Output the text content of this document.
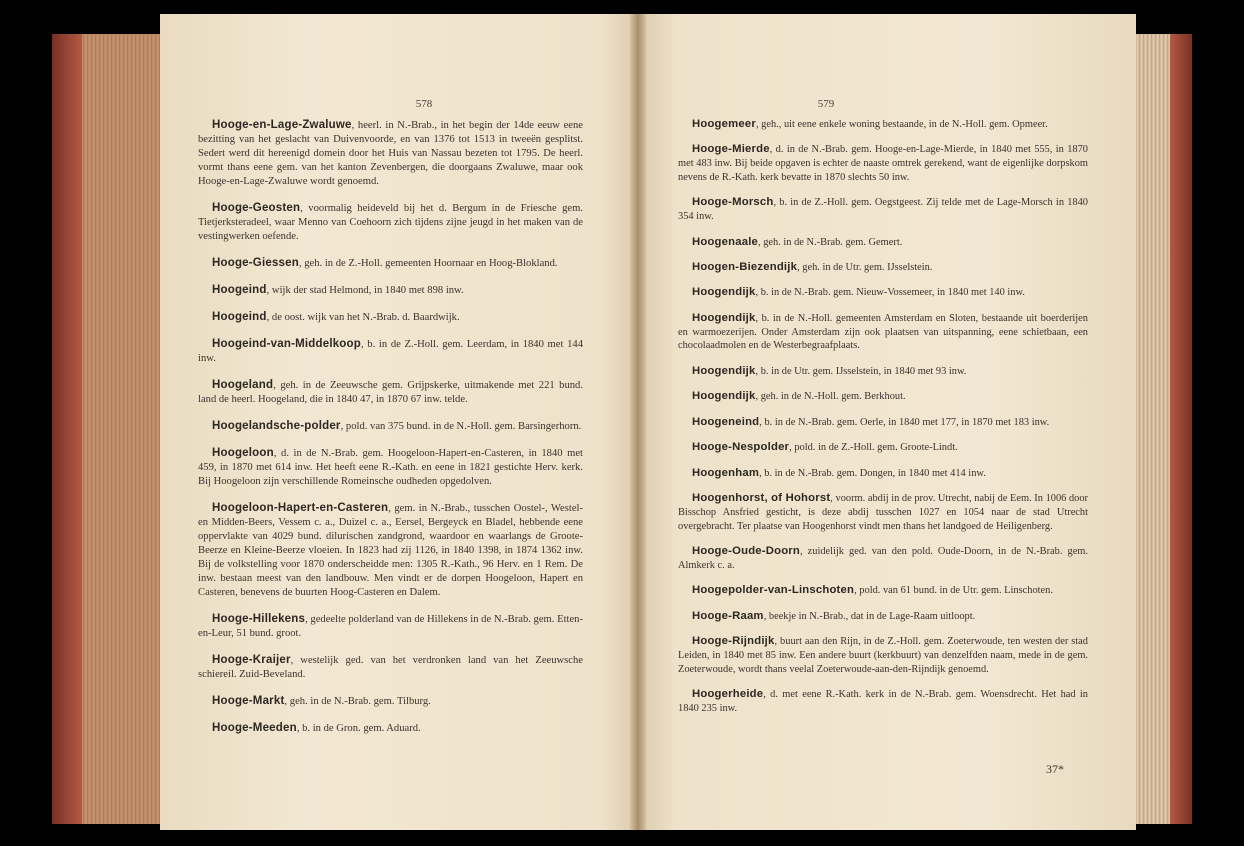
578	579

Hooge-en-Lage-Zwaluwe, heerl. in N.-Brab., in het begin der 14de eeuw eene bezitting van het geslacht van Duivenvoorde, en van 1376 tot 1513 in tweeën gesplitst. Sedert werd dit hereenigd domein door het Huis van Nassau bezeten tot 1795. De heerl. vormt thans eene gem. van het kanton Zevenbergen, die doorgaans Zwaluwe, maar ook Hooge-en-Lage-Zwaluwe wordt genoemd.

Hooge-Geosten, voormalig heideveld bij het d. Bergum in de Friesche gem. Tietjerksteradeel, waar Menno van Coehoorn zich tijdens zijne jeugd in het maken van de vestingwerken oefende.

Hooge-Giessen, geh. in de Z.-Holl. gemeenten Hoornaar en Hoog-Blokland.

Hoogeind, wijk der stad Helmond, in 1840 met 898 inw.

Hoogeind, de oost. wijk van het N.-Brab. d. Baardwijk.

Hoogeind-van-Middelkoop, b. in de Z.-Holl. gem. Leerdam, in 1840 met 144 inw.

Hoogeland, geh. in de Zeeuwsche gem. Grijpskerke, uitmakende met 221 bund. land de heerl. Hoogeland, die in 1840 47, in 1870 67 inw. telde.

Hoogelandsche-polder, pold. van 375 bund. in de N.-Holl. gem. Barsingerhorn.

Hoogeloon, d. in de N.-Brab. gem. Hoogeloon-Hapert-en-Casteren, in 1840 met 459, in 1870 met 614 inw. Het heeft eene R.-Kath. en eene in 1821 gestichte Herv. kerk. Bij Hoogeloon zijn verschillende Romeinsche oudheden opgedolven.

Hoogeloon-Hapert-en-Casteren, gem. in N.-Brab., tusschen Oostel-, Westel- en Midden-Beers, Vessem c. a., Duizel c. a., Eersel, Bergeyck en Bladel, hebbende eene oppervlakte van 4029 bund. dilurischen zandgrond, waardoor en waarlangs de Groote-Beerze en Kleine-Beerze vloeien. In 1823 had zij 1126, in 1840 1398, in 1874 1362 inw. Bij de volkstelling voor 1870 onderscheidde men: 1305 R.-Kath., 96 Herv. en 1 Rem. De inw. bestaan meest van den landbouw. Men vindt er de dorpen Hoogeloon, Hapert en Casteren, benevens de buurten Hoog-Casteren en Dalem.

Hooge-Hillekens, gedeelte polderland van de Hillekens in de N.-Brab. gem. Etten-en-Leur, 51 bund. groot.

Hooge-Kraijer, westelijk ged. van het verdronken land van het Zeeuwsche schiereil. Zuid-Beveland.

Hooge-Markt, geh. in de N.-Brab. gem. Tilburg.

Hooge-Meeden, b. in de Gron. gem. Aduard.

Hoogemeer, geh., uit eene enkele woning bestaande, in de N.-Holl. gem. Opmeer.

Hooge-Mierde, d. in de N.-Brab. gem. Hooge-en-Lage-Mierde, in 1840 met 555, in 1870 met 483 inw. Bij beide opgaven is echter de naaste omtrek gerekend, want de eigenlijke dorpskom nevens de R.-Kath. kerk bevatte in 1870 slechts 50 inw.

Hooge-Morsch, b. in de Z.-Holl. gem. Oegstgeest. Zij telde met de Lage-Morsch in 1840 354 inw.

Hoogenaale, geh. in de N.-Brab. gem. Gemert.

Hoogen-Biezendijk, geh. in de Utr. gem. IJsselstein.

Hoogendijk, b. in de N.-Brab. gem. Nieuw-Vossemeer, in 1840 met 140 inw.

Hoogendijk, b. in de N.-Holl. gemeenten Amsterdam en Sloten, bestaande uit boerderijen en warmoezerijen. Onder Amsterdam zijn ook plaatsen van uitspanning, eene schietbaan, een chocolaadmolen en de Westerbegraafplaats.

Hoogendijk, b. in de Utr. gem. IJsselstein, in 1840 met 93 inw.

Hoogendijk, geh. in de N.-Holl. gem. Berkhout.

Hoogeneind, b. in de N.-Brab. gem. Oerle, in 1840 met 177, in 1870 met 183 inw.

Hooge-Nespolder, pold. in de Z.-Holl. gem. Groote-Lindt.

Hoogenham, b. in de N.-Brab. gem. Dongen, in 1840 met 414 inw.

Hoogenhorst, of Hohorst, voorm. abdij in de prov. Utrecht, nabij de Eem. In 1006 door Bisschop Ansfried gesticht, is deze abdij tusschen 1027 en 1054 naar de stad Utrecht overgebracht. Ter plaatse van Hoogenhorst vindt men thans het landgoed de Heiligenberg.

Hooge-Oude-Doorn, zuidelijk ged. van den pold. Oude-Doorn, in de N.-Brab. gem. Almkerk c. a.

Hoogepolder-van-Linschoten, pold. van 61 bund. in de Utr. gem. Linschoten.

Hooge-Raam, beekje in N.-Brab., dat in de Lage-Raam uitloopt.

Hooge-Rijndijk, buurt aan den Rijn, in de Z.-Holl. gem. Zoeterwoude, ten westen der stad Leiden, in 1840 met 85 inw. Een andere buurt (kerkbuurt) van denzelfden naam, mede in de gem. Zoeterwoude, wordt thans veelal Zoeterwoude-aan-den-Rijndijk genoemd.

Hoogerheide, d. met eene R.-Kath. kerk in de N.-Brab. gem. Woensdrecht. Het had in 1840 235 inw.

37*
